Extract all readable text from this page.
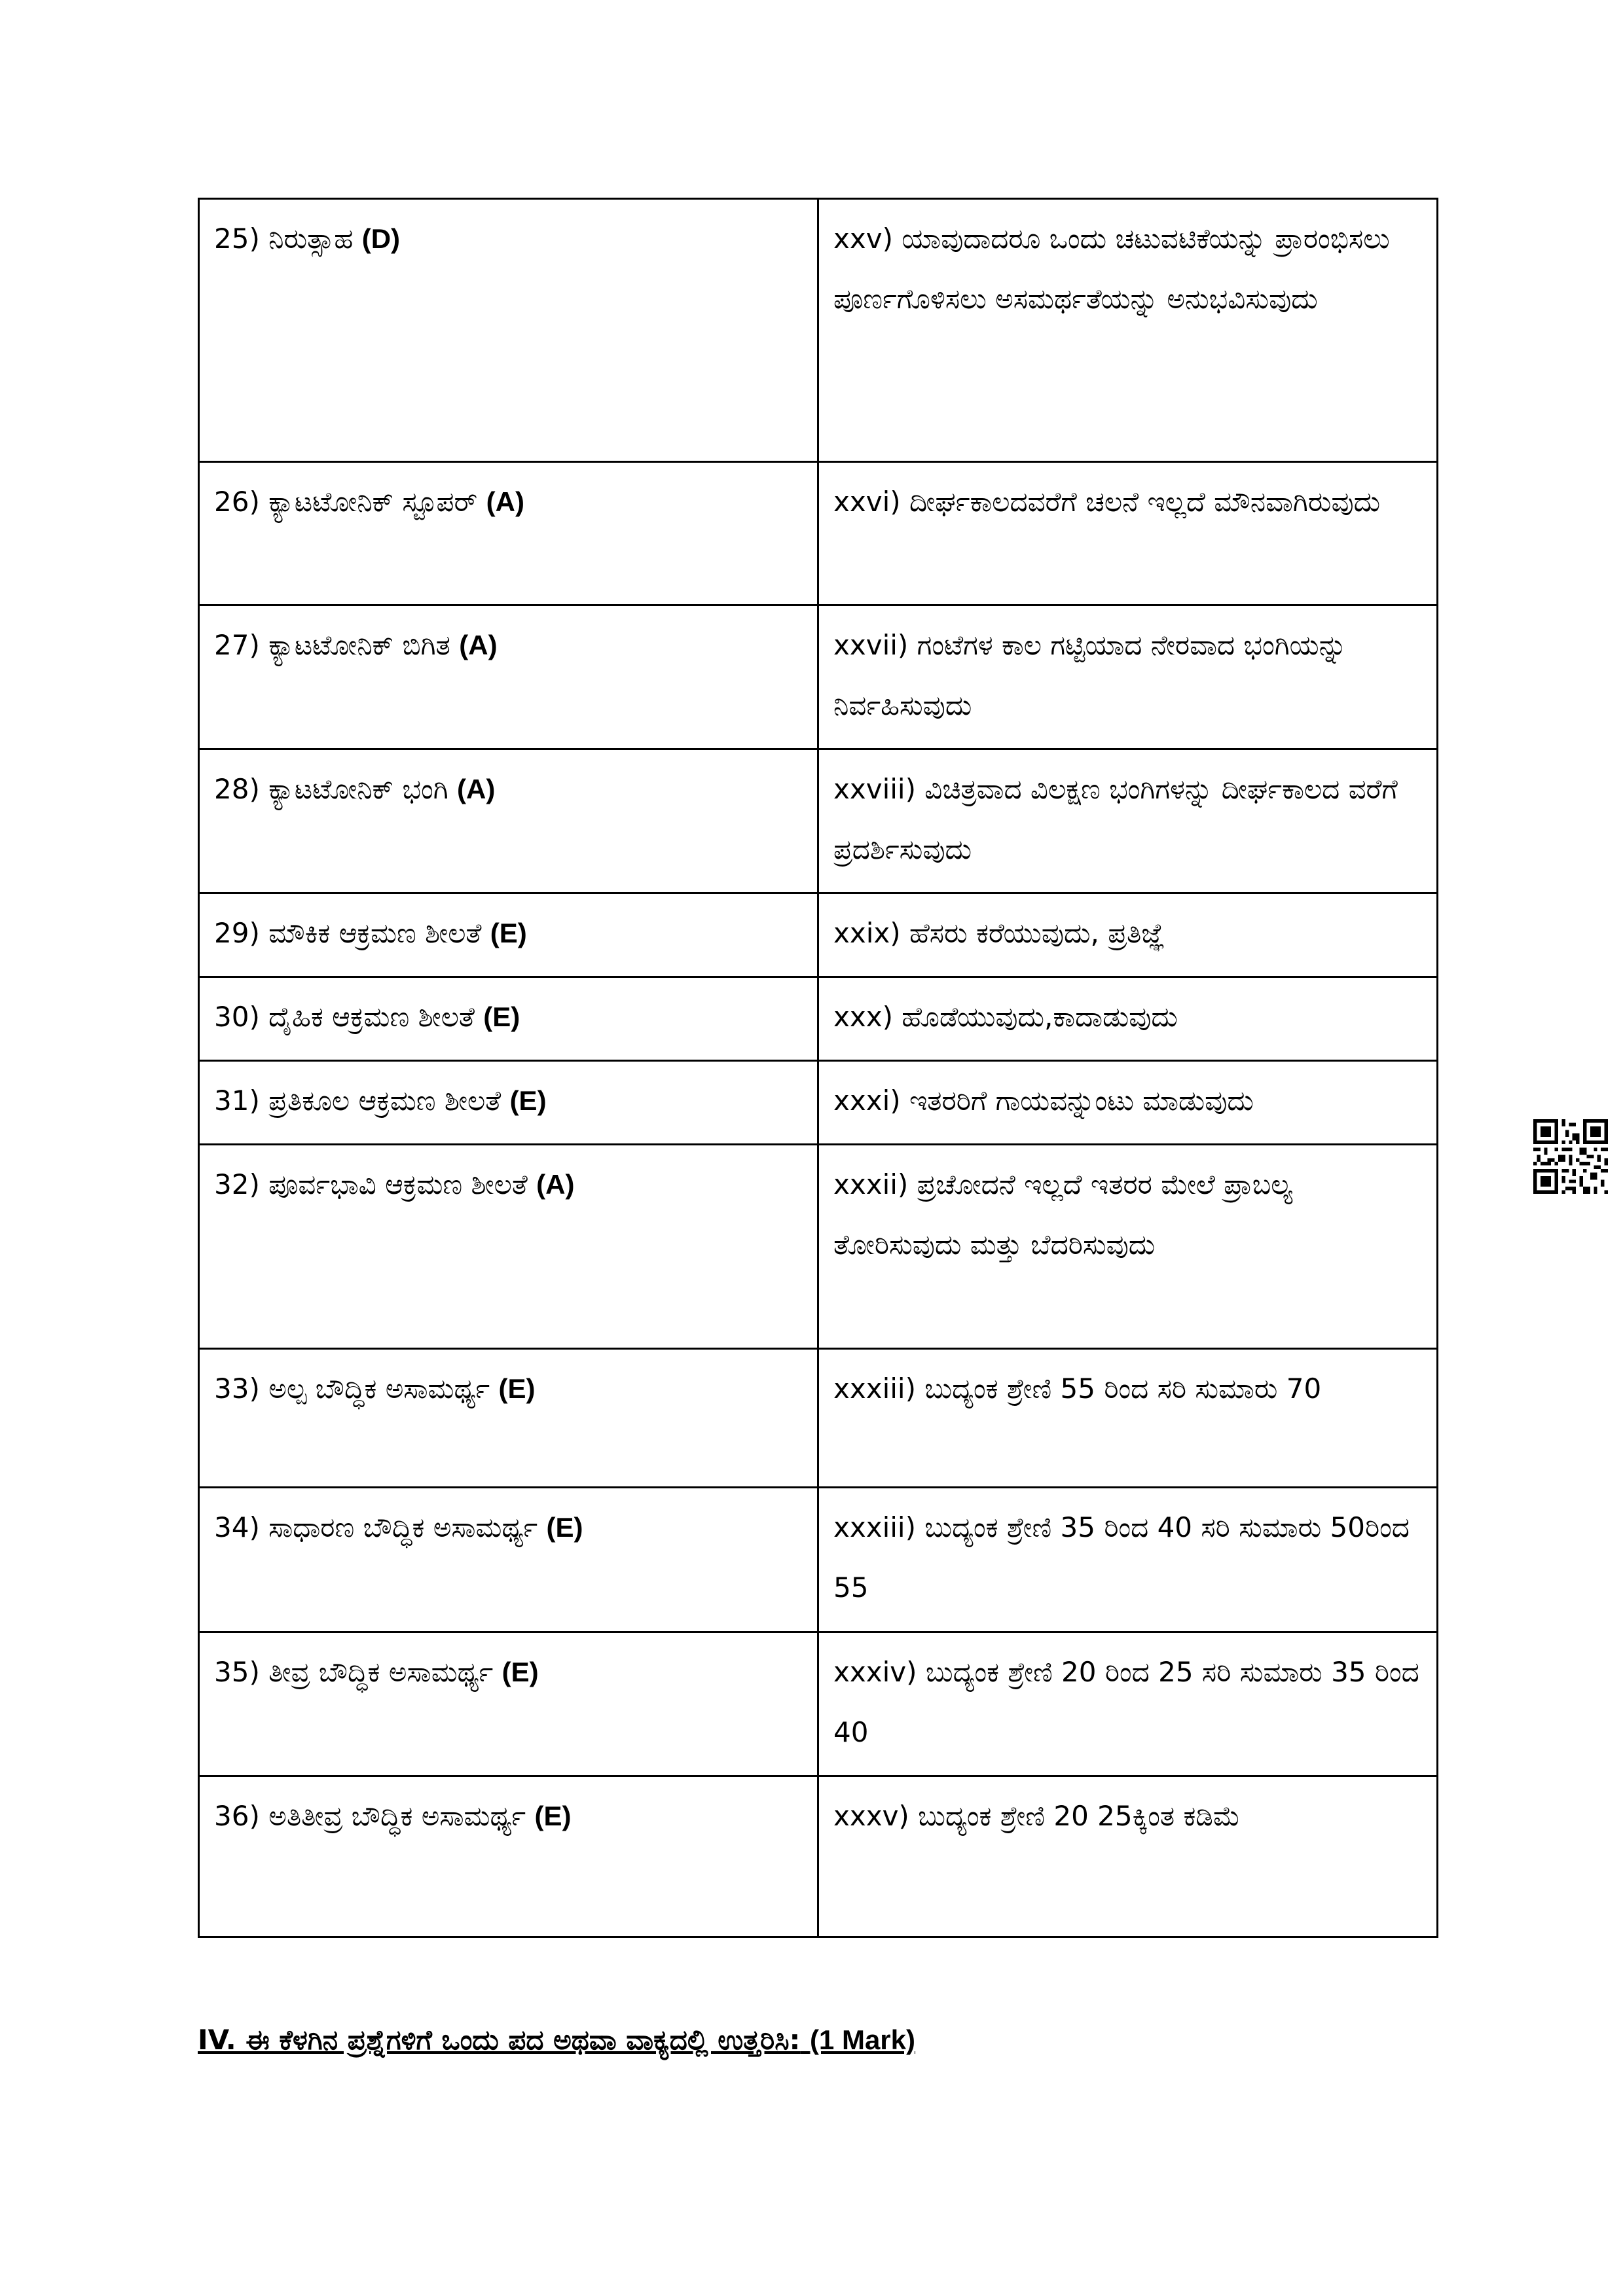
25) ನಿರುತ್ಸಾಹ (D)	xxv) ಯಾವುದಾದರೂ ಒಂದು ಚಟುವಟಿಕೆಯನ್ನು ಪ್ರಾರಂಭಿಸಲು ಪೂರ್ಣಗೊಳಿಸಲು ಅಸಮರ್ಥತೆಯನ್ನು ಅನುಭವಿಸುವುದು
26) ಕ್ಯಾಟಟೋನಿಕ್ ಸ್ಟೂಪರ್ (A)	xxvi) ದೀರ್ಘಕಾಲದವರೆಗೆ ಚಲನೆ ಇಲ್ಲದೆ ಮೌನವಾಗಿರುವುದು
27) ಕ್ಯಾಟಟೋನಿಕ್ ಬಿಗಿತ (A)	xxvii) ಗಂಟೆಗಳ ಕಾಲ ಗಟ್ಟಿಯಾದ ನೇರವಾದ ಭಂಗಿಯನ್ನು ನಿರ್ವಹಿಸುವುದು
28) ಕ್ಯಾಟಟೋನಿಕ್ ಭಂಗಿ (A)	xxviii) ವಿಚಿತ್ರವಾದ ವಿಲಕ್ಷಣ ಭಂಗಿಗಳನ್ನು ದೀರ್ಘಕಾಲದ ವರೆಗೆ ಪ್ರದರ್ಶಿಸುವುದು
29) ಮೌಕಿಕ ಆಕ್ರಮಣ ಶೀಲತೆ (E)	xxix) ಹೆಸರು ಕರೆಯುವುದು, ಪ್ರತಿಜ್ಞೆ
30) ದೈಹಿಕ ಆಕ್ರಮಣ ಶೀಲತೆ (E)	xxx) ಹೊಡೆಯುವುದು,ಕಾದಾಡುವುದು
31) ಪ್ರತಿಕೂಲ ಆಕ್ರಮಣ ಶೀಲತೆ (E)	xxxi) ಇತರರಿಗೆ ಗಾಯವನ್ನುಂಟು ಮಾಡುವುದು
32) ಪೂರ್ವಭಾವಿ ಆಕ್ರಮಣ ಶೀಲತೆ (A)	xxxii) ಪ್ರಚೋದನೆ ಇಲ್ಲದೆ ಇತರರ ಮೇಲೆ ಪ್ರಾಬಲ್ಯ ತೋರಿಸುವುದು ಮತ್ತು ಬೆದರಿಸುವುದು
33) ಅಲ್ಪ ಬೌದ್ಧಿಕ ಅಸಾಮರ್ಥ್ಯ (E)	xxxiii) ಬುದ್ಯಂಕ ಶ್ರೇಣಿ 55 ರಿಂದ ಸರಿ ಸುಮಾರು 70
34) ಸಾಧಾರಣ ಬೌದ್ಧಿಕ ಅಸಾಮರ್ಥ್ಯ (E)	xxxiii) ಬುದ್ಯಂಕ ಶ್ರೇಣಿ 35 ರಿಂದ 40 ಸರಿ ಸುಮಾರು 50ರಿಂದ 55
35) ತೀವ್ರ ಬೌದ್ಧಿಕ ಅಸಾಮರ್ಥ್ಯ (E)	xxxiv) ಬುದ್ಯಂಕ ಶ್ರೇಣಿ 20 ರಿಂದ 25 ಸರಿ ಸುಮಾರು 35 ರಿಂದ 40
36) ಅತಿತೀವ್ರ ಬೌದ್ಧಿಕ ಅಸಾಮರ್ಥ್ಯ (E)	xxxv) ಬುದ್ಯಂಕ ಶ್ರೇಣಿ 20 25ಕ್ಕಿಂತ ಕಡಿಮೆ
IV. ಈ ಕೆಳಗಿನ ಪ್ರಶ್ನೆಗಳಿಗೆ ಒಂದು ಪದ ಅಥವಾ ವಾಕ್ಯದಲ್ಲಿ ಉತ್ತರಿಸಿ: (1 Mark)
